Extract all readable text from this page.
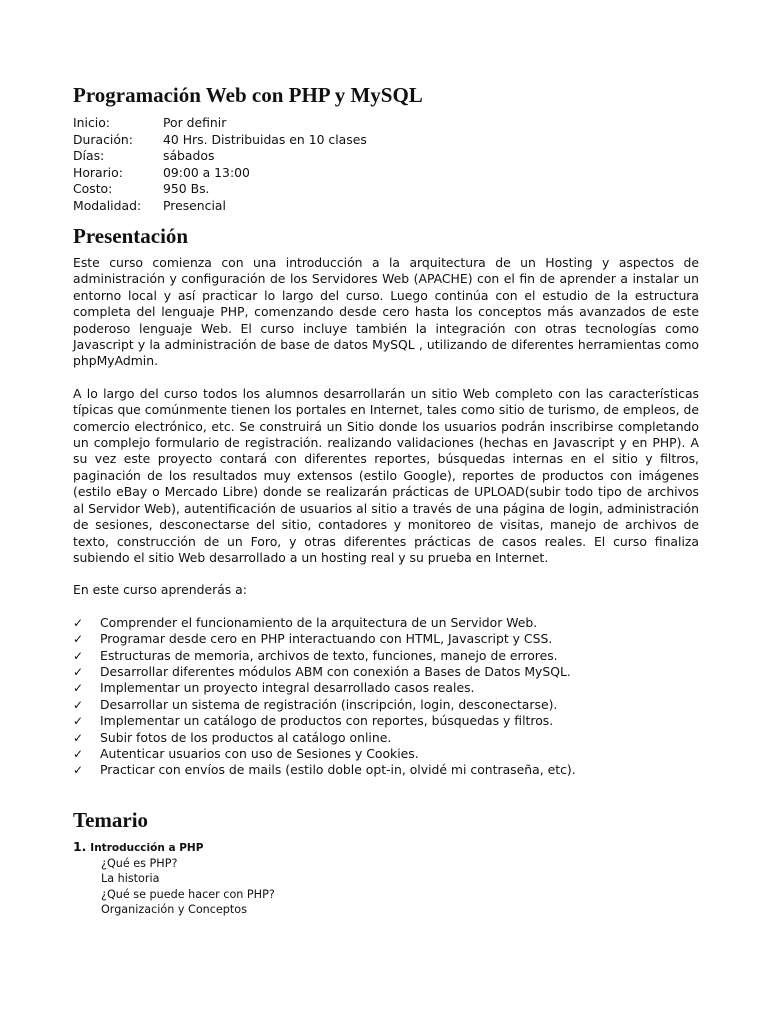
Programación Web con PHP y MySQL
Inicio:	Por definir
Duración:	40 Hrs. Distribuidas en 10 clases
Días:	sábados
Horario:	09:00 a 13:00
Costo:	950 Bs.
Modalidad:	Presencial
Presentación

Este curso comienza con una introducción a la arquitectura de un Hosting y aspectos de administración y configuración de los Servidores Web (APACHE) con el fin de aprender a instalar un entorno local y así practicar lo largo del curso. Luego continúa con el estudio de la estructura completa del lenguaje PHP, comenzando desde cero hasta los conceptos más avanzados de este poderoso lenguaje Web. El curso incluye también la integración con otras tecnologías como Javascript y la administración de base de datos MySQL , utilizando de diferentes herramientas como phpMyAdmin.

A lo largo del curso todos los alumnos desarrollarán un sitio Web completo con las características típicas que comúnmente tienen los portales en Internet, tales como sitio de turismo, de empleos, de comercio electrónico, etc. Se construirá un Sitio donde los usuarios podrán inscribirse completando un complejo formulario de registración. realizando validaciones (hechas en Javascript y en PHP). A su vez este proyecto contará con diferentes reportes, búsquedas internas en el sitio y filtros, paginación de los resultados muy extensos (estilo Google), reportes de productos con imágenes (estilo eBay o Mercado Libre) donde se realizarán prácticas de UPLOAD(subir todo tipo de archivos al Servidor Web), autentificación de usuarios al sitio a través de una página de login, administración de sesiones, desconectarse del sitio, contadores y monitoreo de visitas, manejo de archivos de texto, construcción de un Foro, y otras diferentes prácticas de casos reales. El curso finaliza subiendo el sitio Web desarrollado a un hosting real y su prueba en Internet.

En este curso aprenderás a:

✓	Comprender el funcionamiento de la arquitectura de un Servidor Web.
✓	Programar desde cero en PHP interactuando con HTML, Javascript y CSS.
✓	Estructuras de memoria, archivos de texto, funciones, manejo de errores.
✓	Desarrollar diferentes módulos ABM con conexión a Bases de Datos MySQL.
✓	Implementar un proyecto integral desarrollado casos reales.
✓	Desarrollar un sistema de registración (inscripción, login, desconectarse).
✓	Implementar un catálogo de productos con reportes, búsquedas y filtros.
✓	Subir fotos de los productos al catálogo online.
✓	Autenticar usuarios con uso de Sesiones y Cookies.
✓	Practicar con envíos de mails (estilo doble opt-in, olvidé mi contraseña, etc).
Temario
1. Introducción a PHP
¿Qué es PHP?
La historia
¿Qué se puede hacer con PHP?
Organización y Conceptos
